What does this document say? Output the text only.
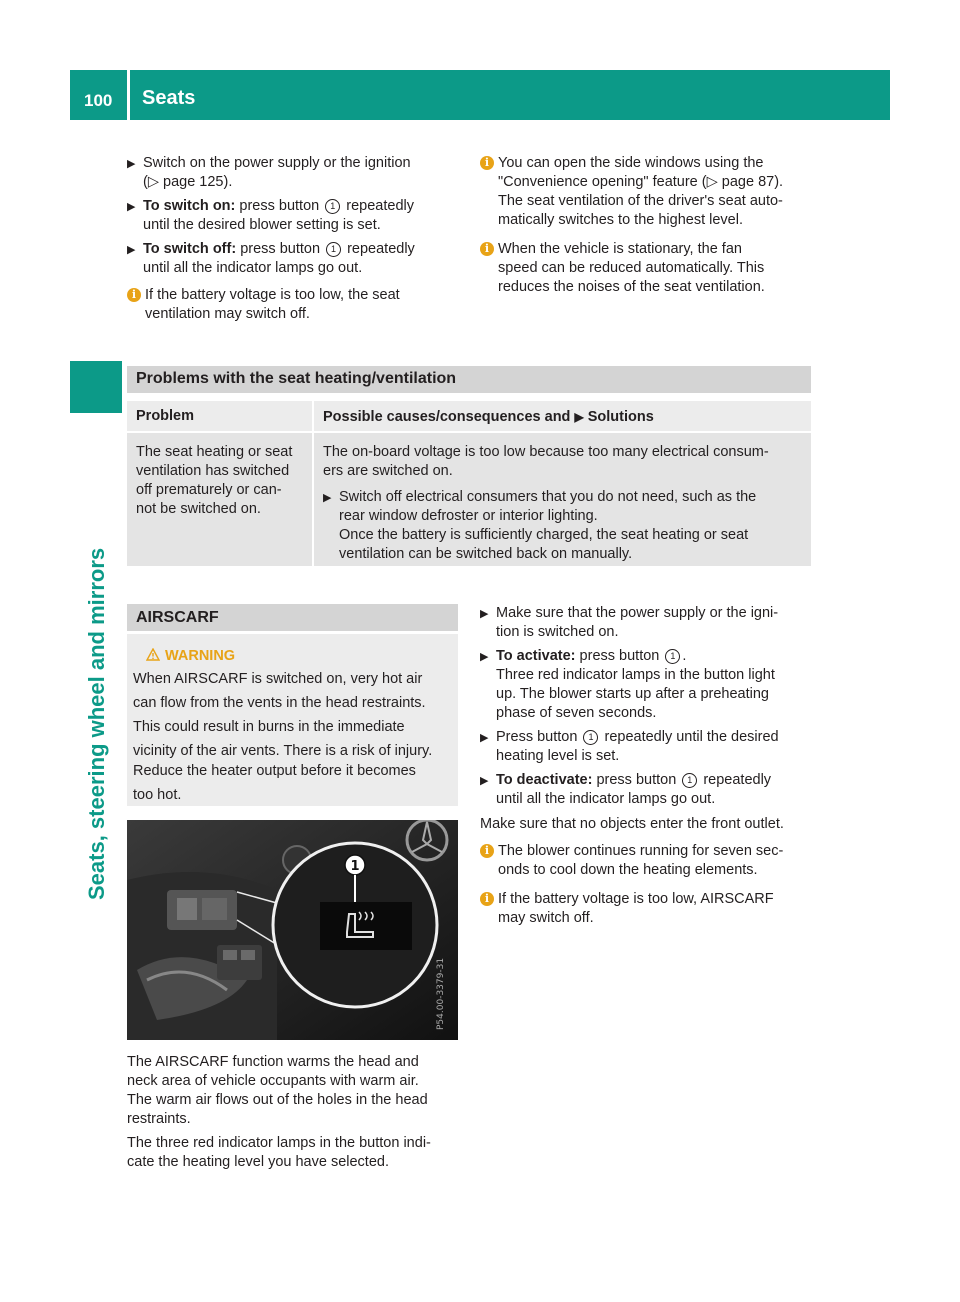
100 Seats
Seats, steering wheel and mirrors
▶ Switch on the power supply or the ignition
(▷ page 125).
▶ To switch on: press button 1 repeatedly
until the desired blower setting is set.
▶ To switch off: press button 1 repeatedly
until all the indicator lamps go out.
i If the battery voltage is too low, the seat
ventilation may switch off.
i You can open the side windows using the
"Convenience opening" feature (▷ page 87).
The seat ventilation of the driver's seat auto-
matically switches to the highest level.
i When the vehicle is stationary, the fan
speed can be reduced automatically. This
reduces the noises of the seat ventilation.
Problems with the seat heating/ventilation
Problem	Possible causes/consequences and ▶ Solutions
The seat heating or seat
ventilation has switched
off prematurely or can-
not be switched on.
The on-board voltage is too low because too many electrical consum-
ers are switched on.
▶ Switch off electrical consumers that you do not need, such as the
rear window defroster or interior lighting.
Once the battery is sufficiently charged, the seat heating or seat
ventilation can be switched back on manually.
AIRSCARF
WARNING
When AIRSCARF is switched on, very hot air
can flow from the vents in the head restraints.
This could result in burns in the immediate
vicinity of the air vents. There is a risk of injury.
Reduce the heater output before it becomes
too hot.
1
P54.00-3379-31
The AIRSCARF function warms the head and
neck area of vehicle occupants with warm air.
The warm air flows out of the holes in the head
restraints.
The three red indicator lamps in the button indi-
cate the heating level you have selected.
▶ Make sure that the power supply or the igni-
tion is switched on.
▶ To activate: press button 1 .
Three red indicator lamps in the button light
up. The blower starts up after a preheating
phase of seven seconds.
▶ Press button 1 repeatedly until the desired
heating level is set.
▶ To deactivate: press button 1 repeatedly
until all the indicator lamps go out.
Make sure that no objects enter the front outlet.
i The blower continues running for seven sec-
onds to cool down the heating elements.
i If the battery voltage is too low, AIRSCARF
may switch off.
